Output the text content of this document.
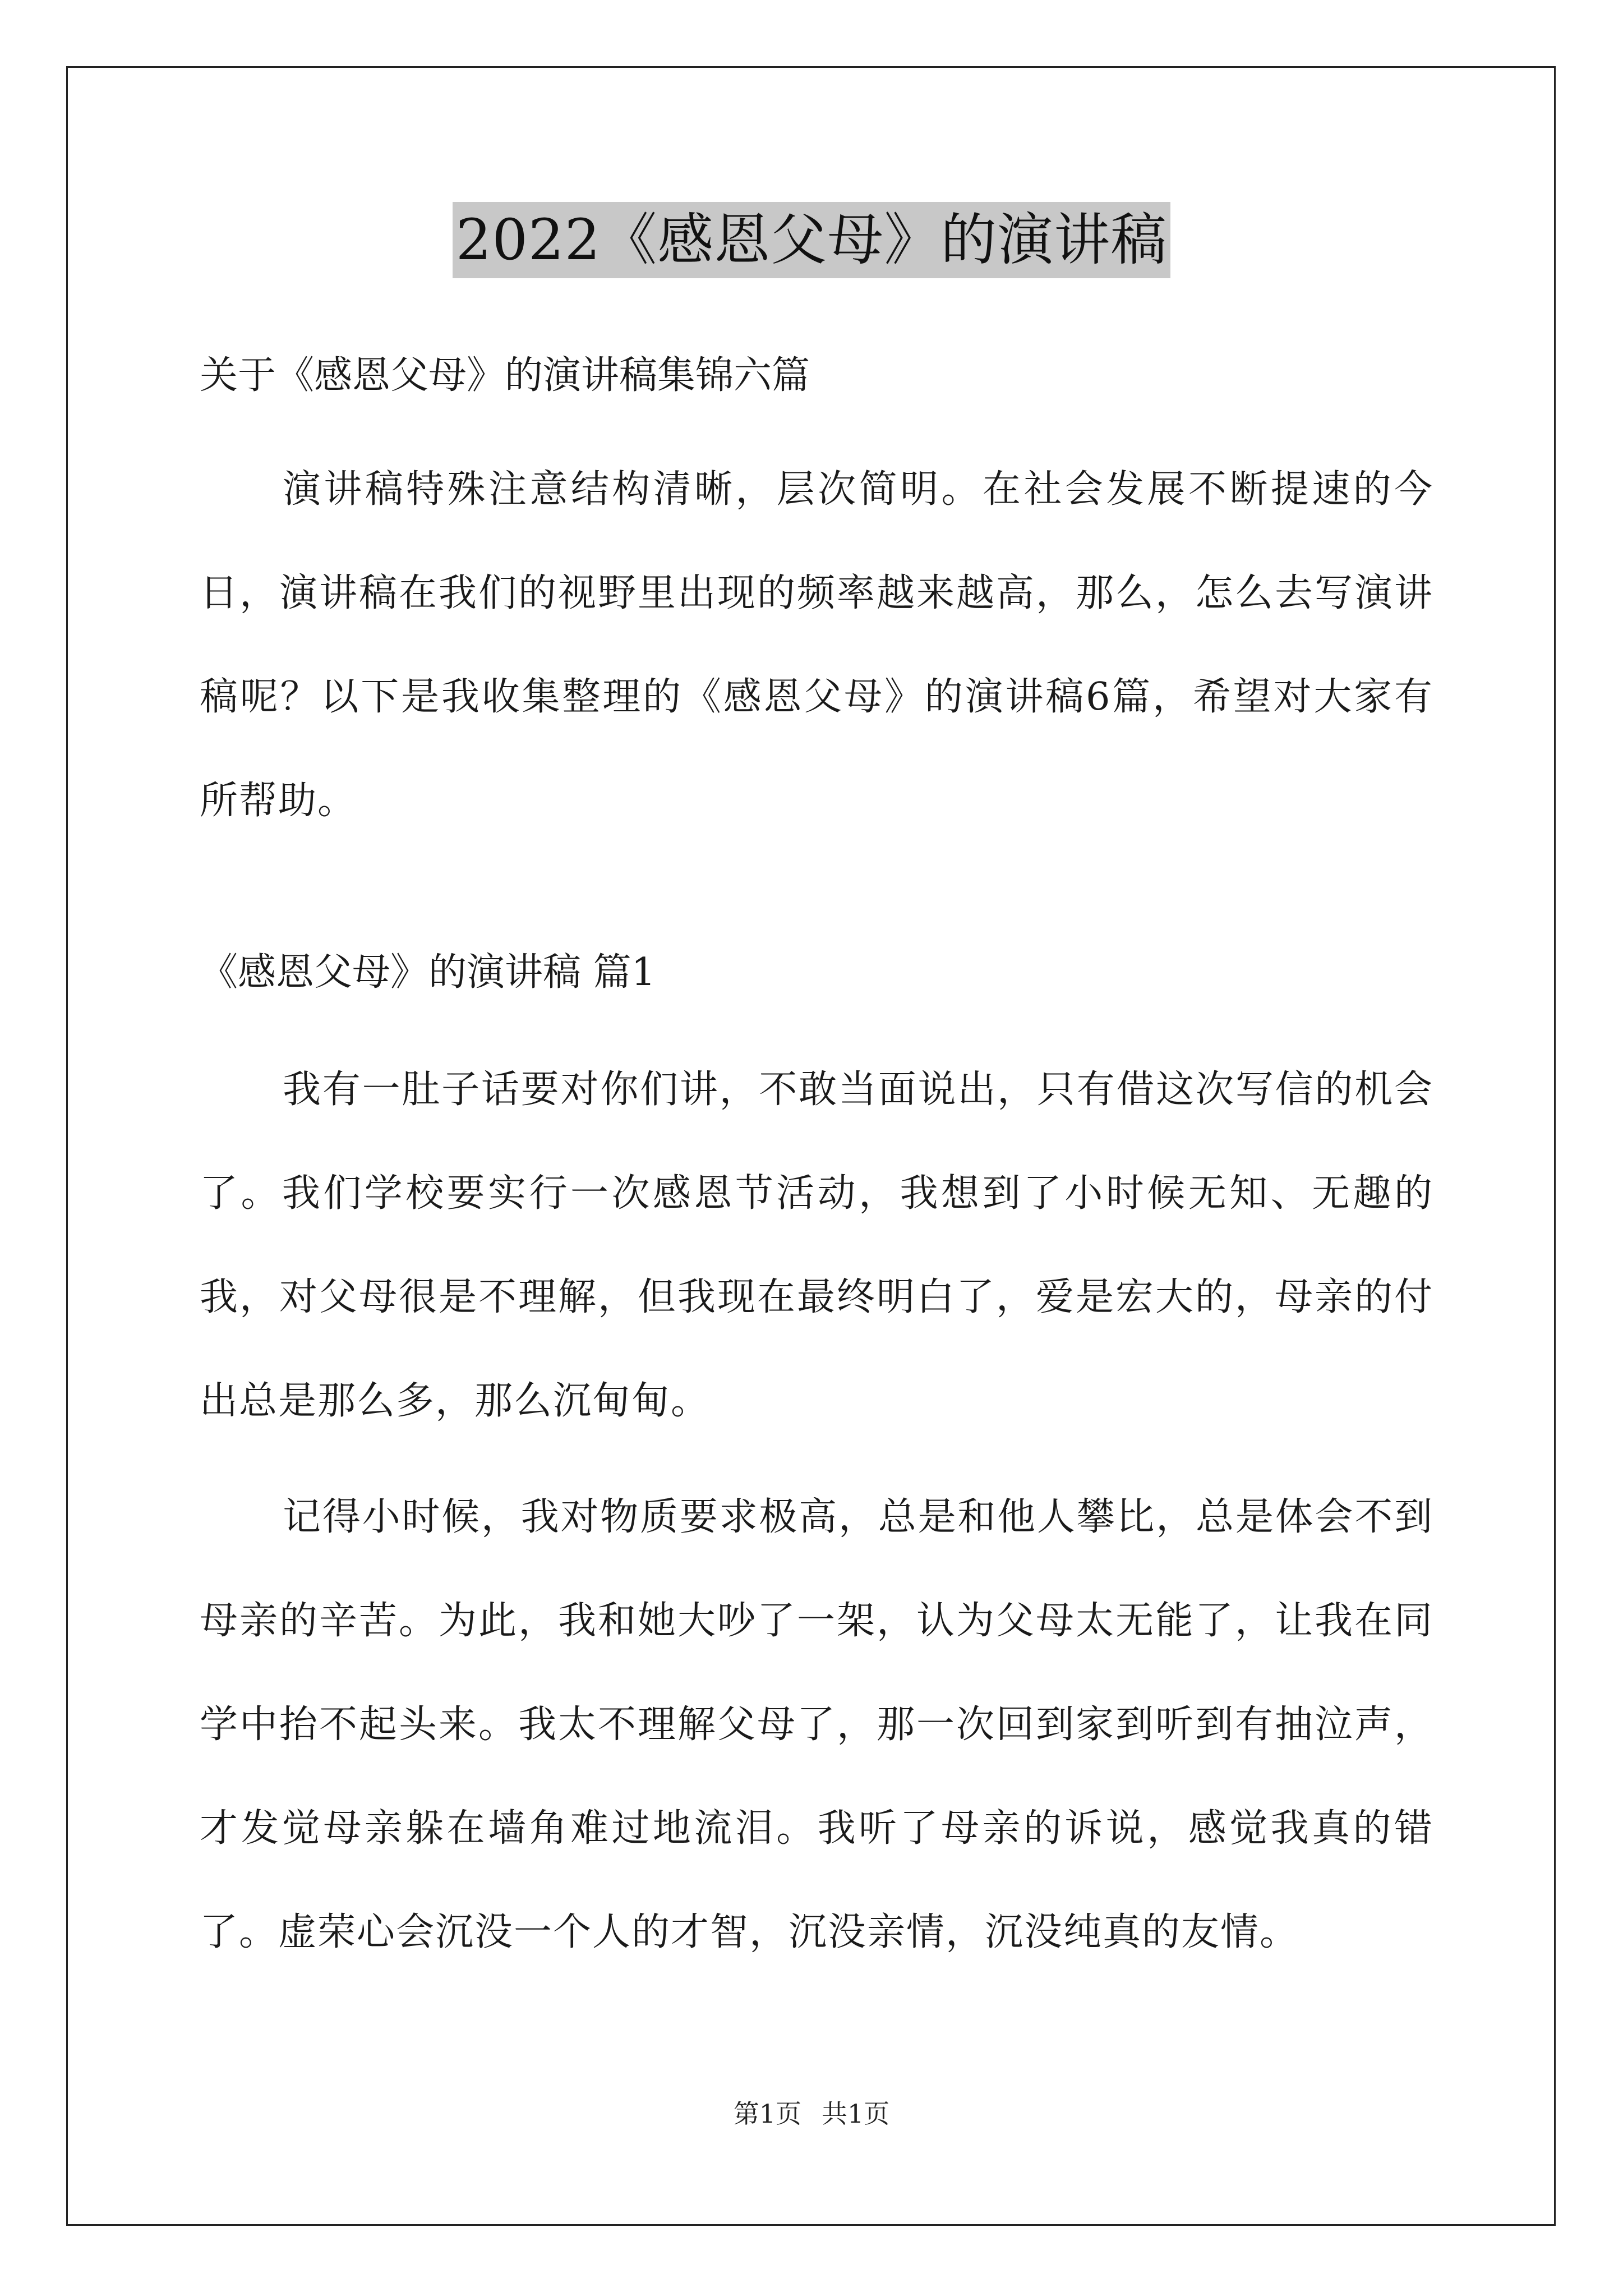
2022《感恩父母》的演讲稿
关于《感恩父母》的演讲稿集锦六篇
演讲稿特殊注意结构清晰，层次简明。在社会发展不断提速的今日，演讲稿在我们的视野里出现的频率越来越高，那么，怎么去写演讲稿呢？以下是我收集整理的《感恩父母》的演讲稿6篇，希望对大家有所帮助。
《感恩父母》的演讲稿 篇1
我有一肚子话要对你们讲，不敢当面说出，只有借这次写信的机会了。我们学校要实行一次感恩节活动，我想到了小时候无知、无趣的我，对父母很是不理解，但我现在最终明白了，爱是宏大的，母亲的付出总是那么多，那么沉甸甸。
记得小时候，我对物质要求极高，总是和他人攀比，总是体会不到母亲的辛苦。为此，我和她大吵了一架，认为父母太无能了，让我在同学中抬不起头来。我太不理解父母了，那一次回到家到听到有抽泣声，才发觉母亲躲在墙角难过地流泪。我听了母亲的诉说，感觉我真的错了。虚荣心会沉没一个人的才智，沉没亲情，沉没纯真的友情。
第1页 共1页
